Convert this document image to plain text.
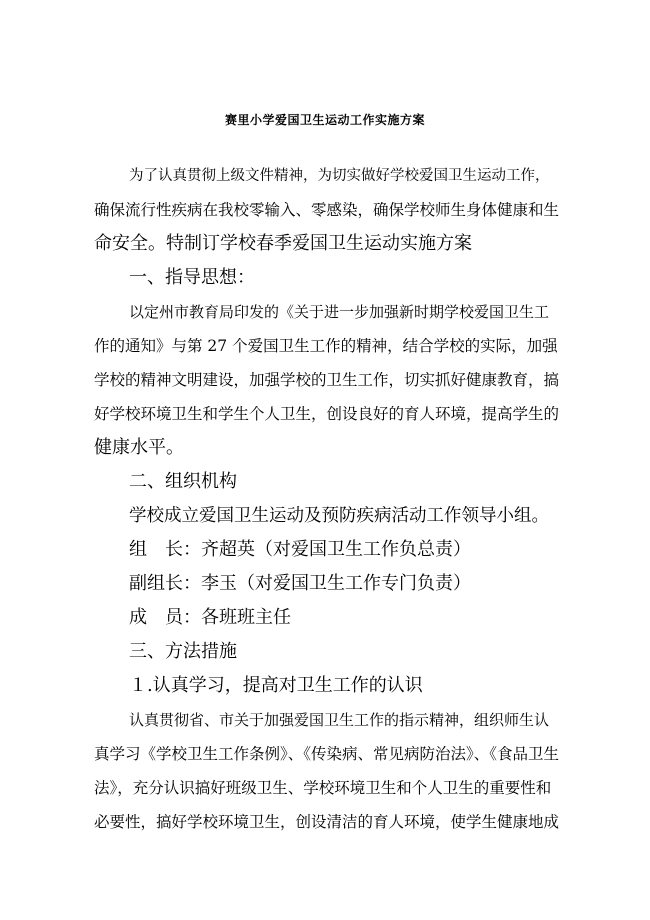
赛里小学爱国卫生运动工作实施方案
为了认真贯彻上级文件精神，为切实做好学校爱国卫生运动工作，
确保流行性疾病在我校零输入、零感染，确保学校师生身体健康和生
命安全。特制订学校春季爱国卫生运动实施方案
一、指导思想：
以定州市教育局印发的《关于进一步加强新时期学校爱国卫生工
作的通知》与第 27 个爱国卫生工作的精神，结合学校的实际，加强
学校的精神文明建设，加强学校的卫生工作，切实抓好健康教育，搞
好学校环境卫生和学生个人卫生，创设良好的育人环境，提高学生的
健康水平。
二、组织机构
学校成立爱国卫生运动及预防疾病活动工作领导小组。
组　长：齐超英（对爱国卫生工作负总责）
副组长：李玉（对爱国卫生工作专门负责）
成　员：各班班主任
三、方法措施
１.认真学习，提高对卫生工作的认识
认真贯彻省、市关于加强爱国卫生工作的指示精神，组织师生认
真学习《学校卫生工作条例》、《传染病、常见病防治法》、《食品卫生
法》，充分认识搞好班级卫生、学校环境卫生和个人卫生的重要性和
必要性，搞好学校环境卫生，创设清洁的育人环境，使学生健康地成
